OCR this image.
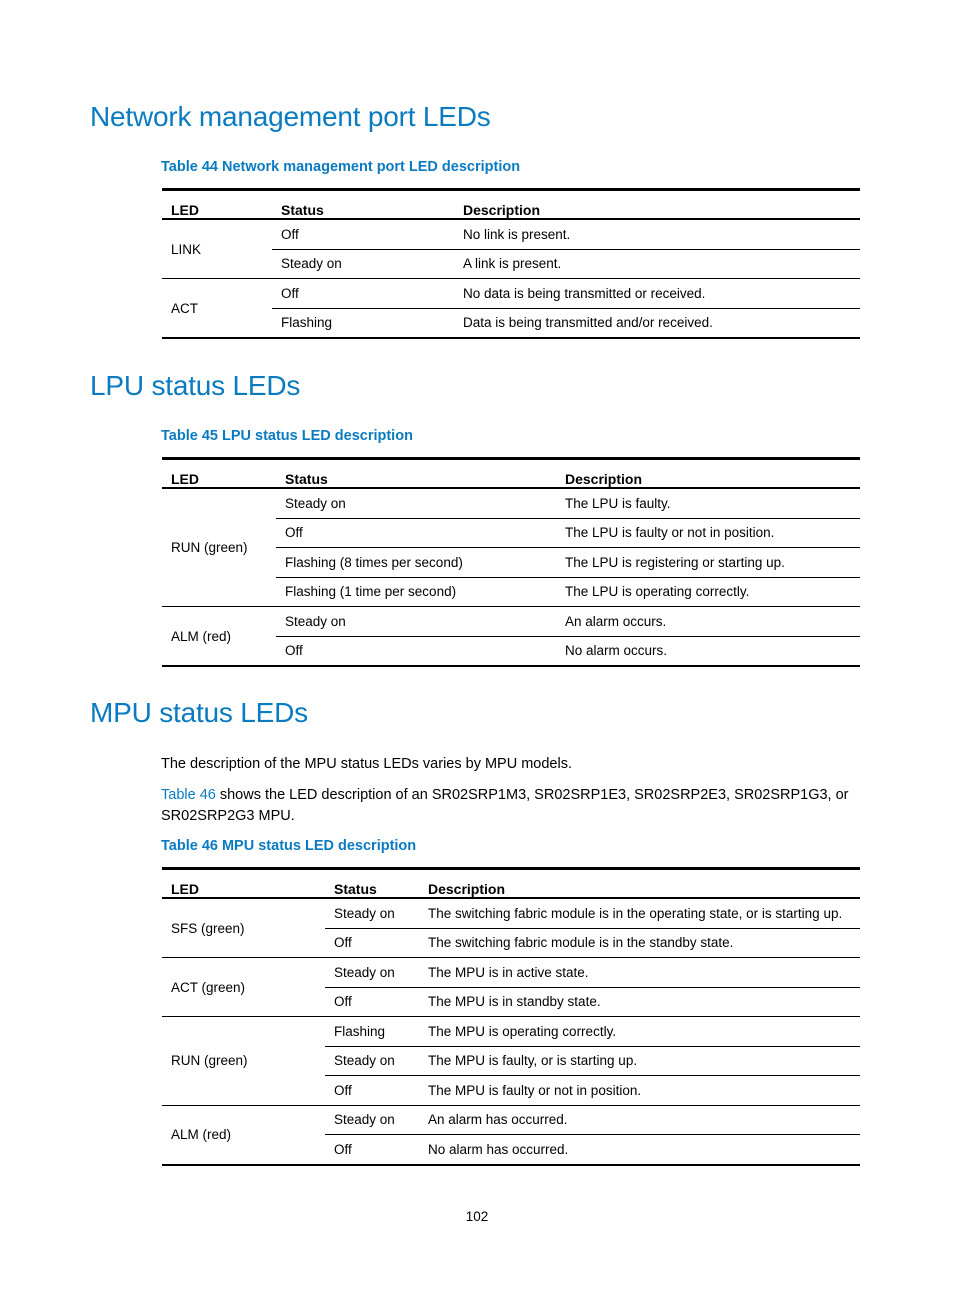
Network management port LEDs

Table 44 Network management port LED description

LED	Status	Description
LINK	Off	No link is present.
	Steady on	A link is present.
ACT	Off	No data is being transmitted or received.
	Flashing	Data is being transmitted and/or received.
LPU status LEDs

Table 45 LPU status LED description

LED	Status	Description
RUN (green)	Steady on	The LPU is faulty.
	Off	The LPU is faulty or not in position.
	Flashing (8 times per second)	The LPU is registering or starting up.
	Flashing (1 time per second)	The LPU is operating correctly.
ALM (red)	Steady on	An alarm occurs.
	Off	No alarm occurs.
MPU status LEDs

The description of the MPU status LEDs varies by MPU models.

Table 46 shows the LED description of an SR02SRP1M3, SR02SRP1E3, SR02SRP2E3, SR02SRP1G3, or SR02SRP2G3 MPU.

Table 46 MPU status LED description

LED	Status	Description
SFS (green)	Steady on	The switching fabric module is in the operating state, or is starting up.
	Off	The switching fabric module is in the standby state.
ACT (green)	Steady on	The MPU is in active state.
	Off	The MPU is in standby state.
RUN (green)	Flashing	The MPU is operating correctly.
	Steady on	The MPU is faulty, or is starting up.
	Off	The MPU is faulty or not in position.
ALM (red)	Steady on	An alarm has occurred.
	Off	No alarm has occurred.
102
